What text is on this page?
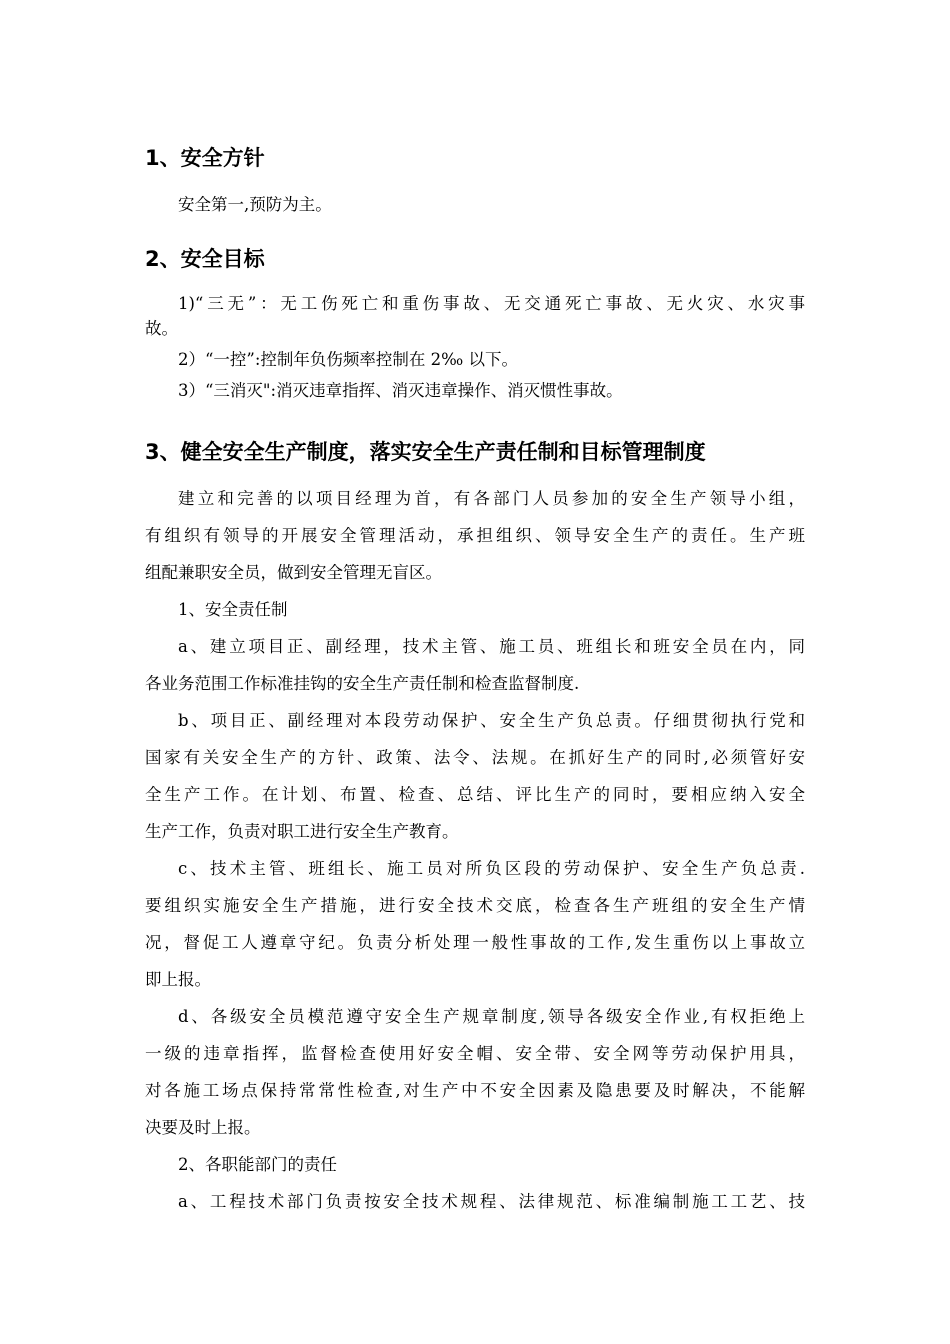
1、安全方针
安全第一,预防为主。
2、安全目标
1)“三无”：无工伤死亡和重伤事故、无交通死亡事故、无火灾、水灾事
故。
2）“一控”:控制年负伤频率控制在 2‰ 以下。
3）“三消灭":消灭违章指挥、消灭违章操作、消灭惯性事故。
3、健全安全生产制度，落实安全生产责任制和目标管理制度
建立和完善的以项目经理为首，有各部门人员参加的安全生产领导小组，
有组织有领导的开展安全管理活动，承担组织、领导安全生产的责任。生产班
组配兼职安全员，做到安全管理无盲区。
1、安全责任制
a、建立项目正、副经理，技术主管、施工员、班组长和班安全员在内，同
各业务范围工作标准挂钩的安全生产责任制和检查监督制度.
b、项目正、副经理对本段劳动保护、安全生产负总责。仔细贯彻执行党和
国家有关安全生产的方针、政策、法令、法规。在抓好生产的同时,必须管好安
全生产工作。在计划、布置、检查、总结、评比生产的同时，要相应纳入安全
生产工作，负责对职工进行安全生产教育。
c、技术主管、班组长、施工员对所负区段的劳动保护、安全生产负总责.
要组织实施安全生产措施，进行安全技术交底，检查各生产班组的安全生产情
况，督促工人遵章守纪。负责分析处理一般性事故的工作,发生重伤以上事故立
即上报。
d、各级安全员模范遵守安全生产规章制度,领导各级安全作业,有权拒绝上
一级的违章指挥，监督检查使用好安全帽、安全带、安全网等劳动保护用具，
对各施工场点保持常常性检查,对生产中不安全因素及隐患要及时解决，不能解
决要及时上报。
2、各职能部门的责任
a、工程技术部门负责按安全技术规程、法律规范、标准编制施工工艺、技
